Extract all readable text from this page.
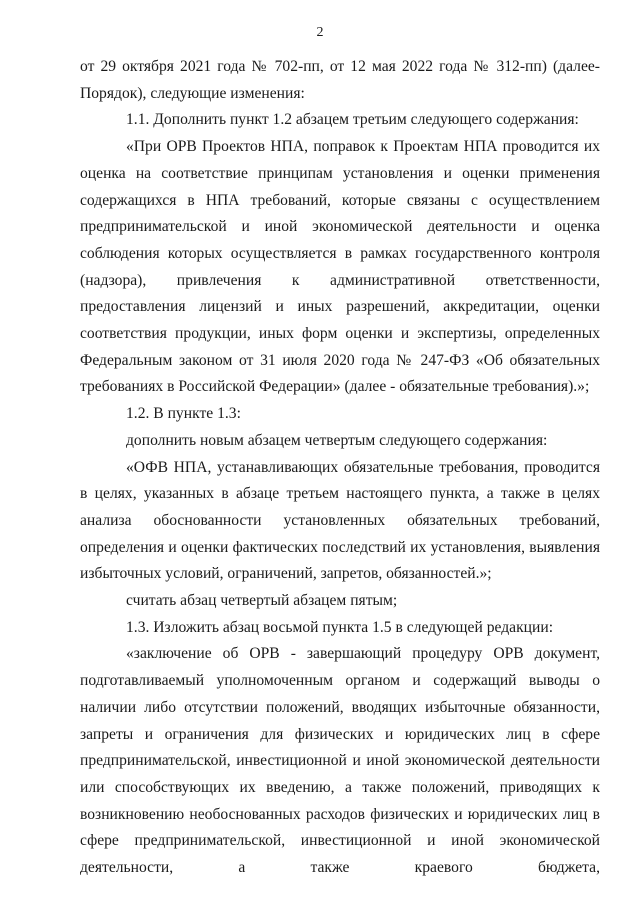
2

от 29 октября 2021 года № 702-пп, от 12 мая 2022 года № 312-пп) (далее-Порядок), следующие изменения:

1.1. Дополнить пункт 1.2 абзацем третьим следующего содержания:

«При ОРВ Проектов НПА, поправок к Проектам НПА проводится их оценка на соответствие принципам установления и оценки применения содержащихся в НПА требований, которые связаны с осуществлением предпринимательской и иной экономической деятельности и оценка соблюдения которых осуществляется в рамках государственного контроля (надзора), привлечения к административной ответственности, предоставления лицензий и иных разрешений, аккредитации, оценки соответствия продукции, иных форм оценки и экспертизы, определенных Федеральным законом от 31 июля 2020 года № 247-ФЗ «Об обязательных требованиях в Российской Федерации» (далее - обязательные требования).»;

1.2. В пункте 1.3:

дополнить новым абзацем четвертым следующего содержания:

«ОФВ НПА, устанавливающих обязательные требования, проводится в целях, указанных в абзаце третьем настоящего пункта, а также в целях анализа обоснованности установленных обязательных требований, определения и оценки фактических последствий их установления, выявления избыточных условий, ограничений, запретов, обязанностей.»;

считать абзац четвертый абзацем пятым;

1.3. Изложить абзац восьмой пункта 1.5 в следующей редакции:

«заключение об ОРВ - завершающий процедуру ОРВ документ, подготавливаемый уполномоченным органом и содержащий выводы о наличии либо отсутствии положений, вводящих избыточные обязанности, запреты и ограничения для физических и юридических лиц в сфере предпринимательской, инвестиционной и иной экономической деятельности или способствующих их введению, а также положений, приводящих к возникновению необоснованных расходов физических и юридических лиц в сфере предпринимательской, инвестиционной и иной экономической деятельности, а также краевого бюджета,
